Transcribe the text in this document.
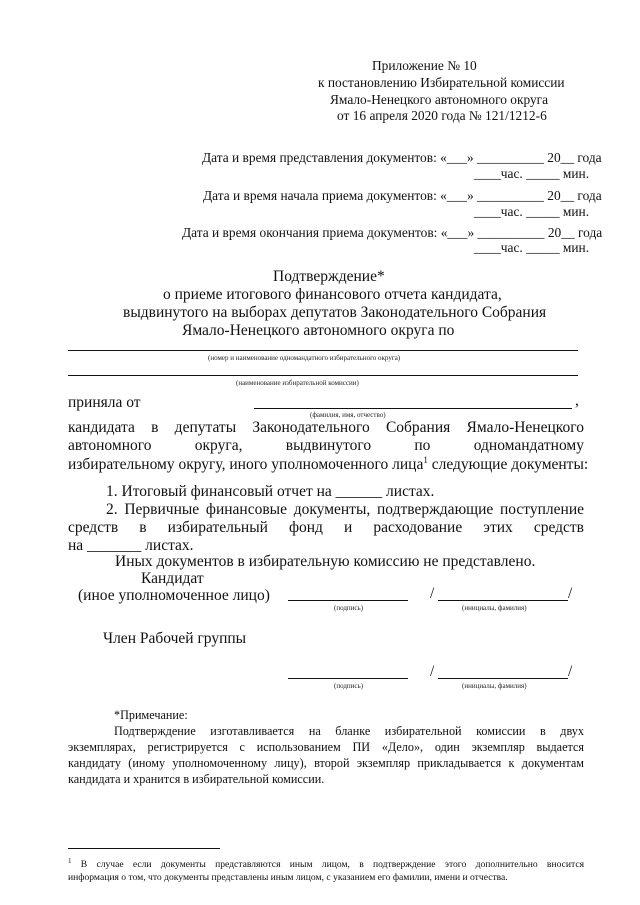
Приложение № 10
к постановлению Избирательной комиссии
Ямало-Ненецкого автономного округа
от 16 апреля 2020 года № 121/1212-6
Дата и время представления документов: «___» __________ 20__ года
____час. _____ мин.
Дата и время начала приема документов: «___» __________ 20__ года
____час. _____ мин.
Дата и время окончания приема документов: «___» __________ 20__ года
____час. _____ мин.
Подтверждение*
о приеме итогового финансового отчета кандидата,
выдвинутого на выборах депутатов Законодательного Собрания
Ямало-Ненецкого автономного округа по
(номер и наименование одномандатного избирательного округа)
(наименование избирательной комиссии)
приняла от	,
(фамилия, имя, отчество)
кандидата в депутаты Законодательного Собрания Ямало-Ненецкого
автономного округа, выдвинутого по одномандатному
избирательному округу, иного уполномоченного лица$^1$ следующие документы:
1. Итоговый финансовый отчет на ______ листах.
2. Первичные финансовые документы, подтверждающие поступление
средств в избирательный фонд и расходование этих средств
на _______ листах.
Иных документов в избирательную комиссию не представлено.
Кандидат
(иное уполномоченное лицо)
(подпись)
/	/
(инициалы, фамилия)
Член Рабочей группы
(подпись)
/	/
(инициалы, фамилия)
*Примечание:
Подтверждение изготавливается на бланке избирательной комиссии в двух
экземплярах, регистрируется с использованием ПИ «Дело», один экземпляр выдается
кандидату (иному уполномоченному лицу), второй экземпляр прикладывается к документам
кандидата и хранится в избирательной комиссии.
$^1$ В случае если документы представляются иным лицом, в подтверждение этого дополнительно вносится
информация о том, что документы представлены иным лицом, с указанием его фамилии, имени и отчества.
